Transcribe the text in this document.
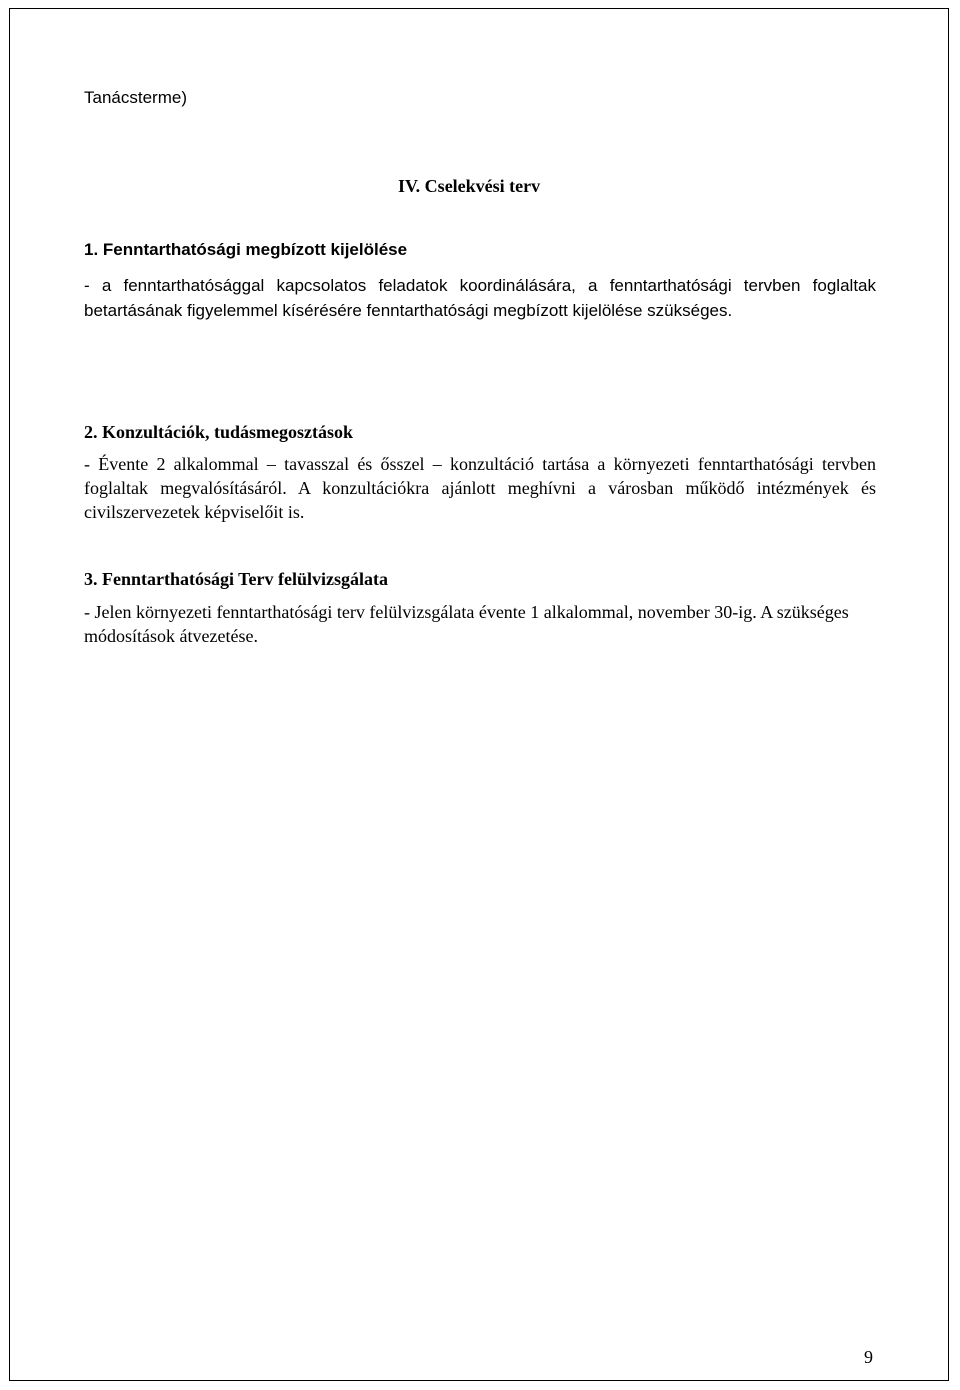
Tanácsterme)

IV. Cselekvési terv

1. Fenntarthatósági megbízott kijelölése

- a fenntarthatósággal kapcsolatos feladatok koordinálására, a fenntarthatósági tervben foglaltak betartásának figyelemmel kísérésére fenntarthatósági megbízott kijelölése szükséges.

2. Konzultációk, tudásmegosztások

- Évente 2 alkalommal – tavasszal és ősszel – konzultáció tartása a környezeti fenntarthatósági tervben foglaltak megvalósításáról. A konzultációkra ajánlott meghívni a városban működő intézmények és civilszervezetek képviselőit is.

3. Fenntarthatósági Terv felülvizsgálata

- Jelen környezeti fenntarthatósági terv felülvizsgálata évente 1 alkalommal, november 30-ig. A szükséges módosítások átvezetése.

9
